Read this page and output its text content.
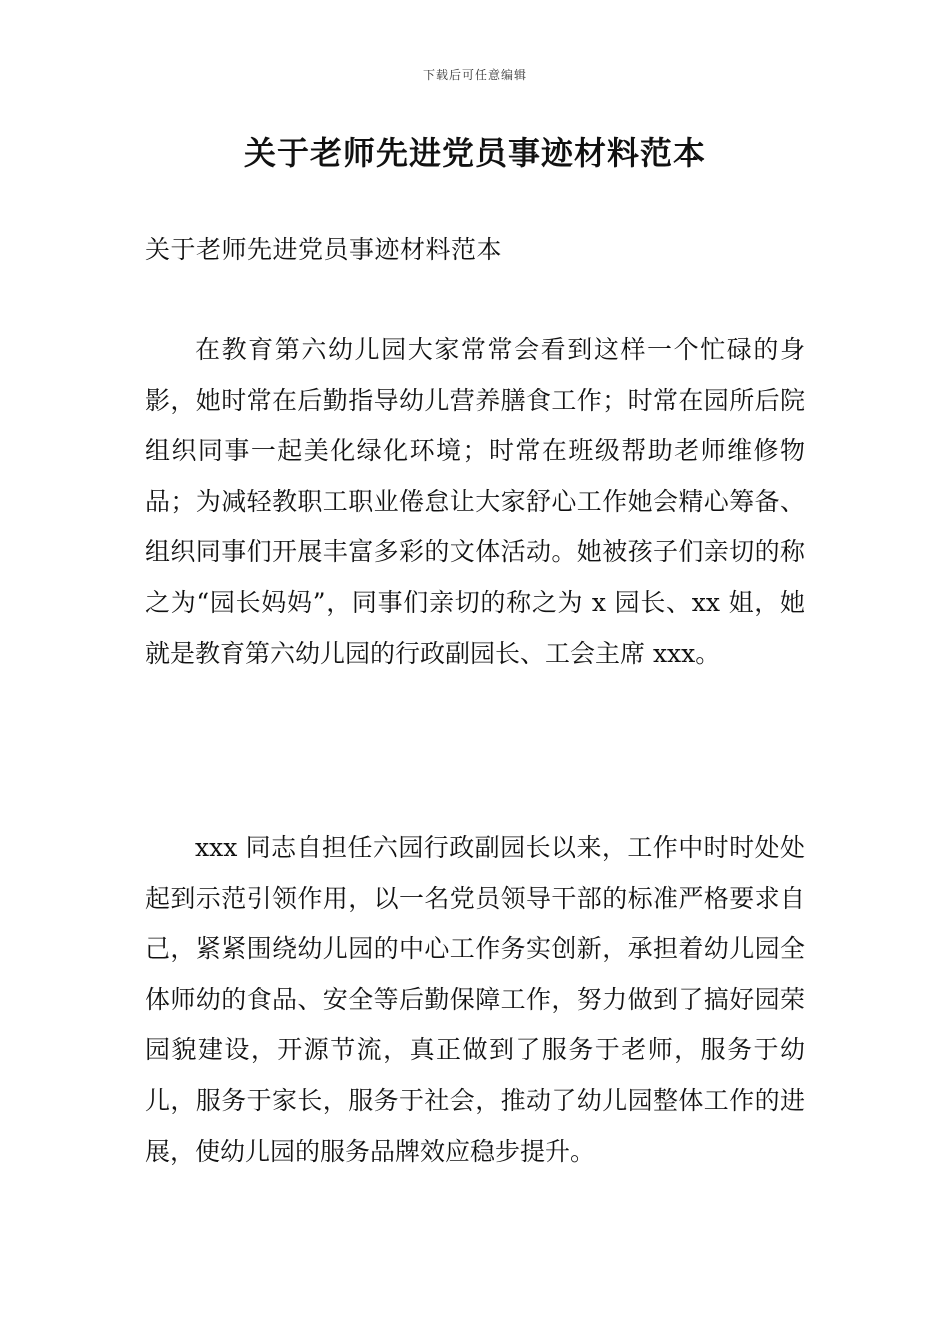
下载后可任意编辑
关于老师先进党员事迹材料范本

关于老师先进党员事迹材料范本

在教育第六幼儿园大家常常会看到这样一个忙碌的身影，她时常在后勤指导幼儿营养膳食工作；时常在园所后院组织同事一起美化绿化环境；时常在班级帮助老师维修物品；为减轻教职工职业倦怠让大家舒心工作她会精心筹备、组织同事们开展丰富多彩的文体活动。她被孩子们亲切的称之为“园长妈妈”，同事们亲切的称之为 x 园长、xx 姐，她就是教育第六幼儿园的行政副园长、工会主席 xxx。

xxx 同志自担任六园行政副园长以来，工作中时时处处起到示范引领作用，以一名党员领导干部的标准严格要求自己，紧紧围绕幼儿园的中心工作务实创新，承担着幼儿园全体师幼的食品、安全等后勤保障工作，努力做到了搞好园荣园貌建设，开源节流，真正做到了服务于老师，服务于幼儿，服务于家长，服务于社会，推动了幼儿园整体工作的进展，使幼儿园的服务品牌效应稳步提升。
